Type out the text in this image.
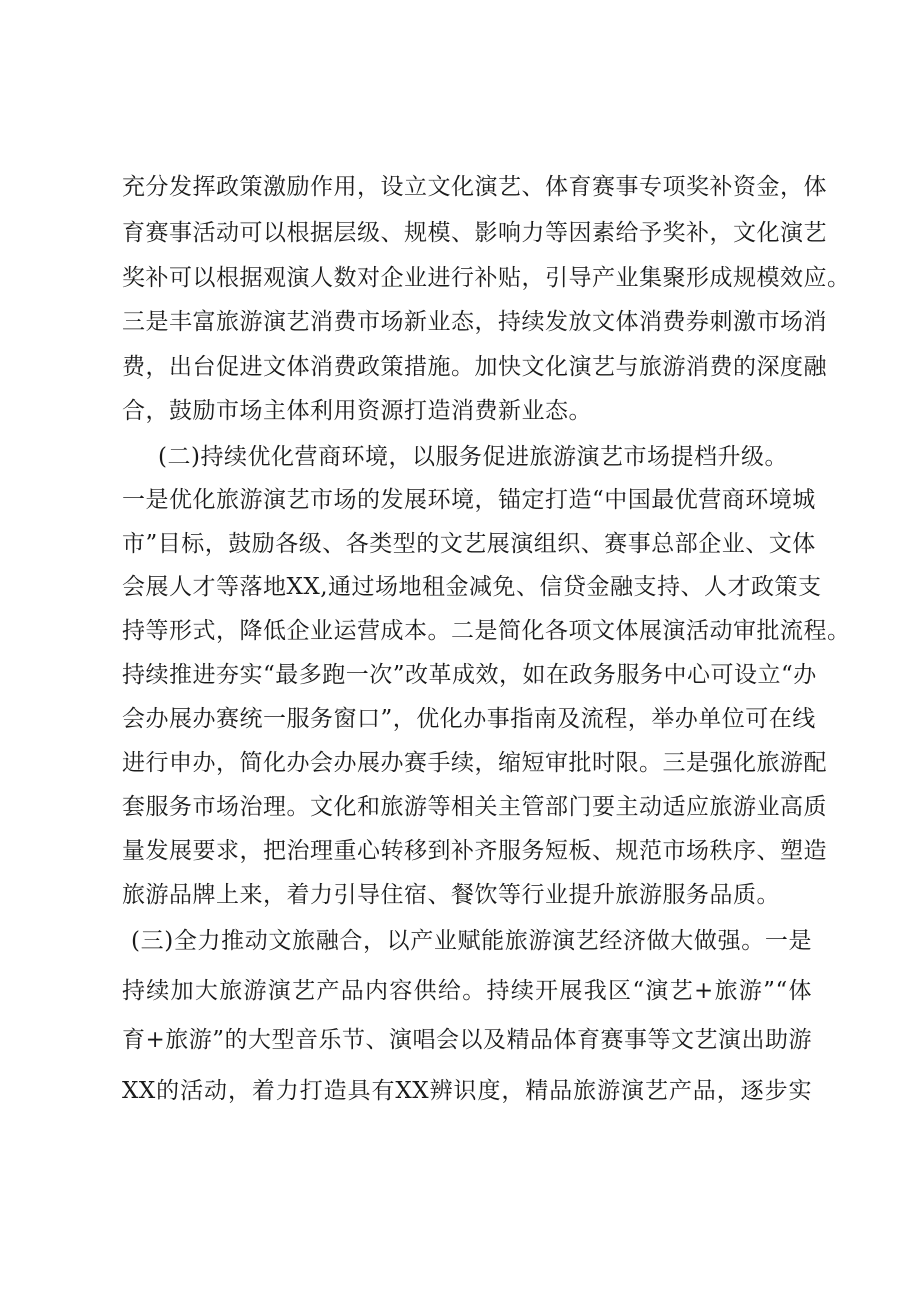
充分发挥政策激励作用，设立文化演艺、体育赛事专项奖补资金，体
育赛事活动可以根据层级、规模、影响力等因素给予奖补，文化演艺
奖补可以根据观演人数对企业进行补贴，引导产业集聚形成规模效应。
三是丰富旅游演艺消费市场新业态，持续发放文体消费券刺激市场消
费，出台促进文体消费政策措施。加快文化演艺与旅游消费的深度融
合，鼓励市场主体利用资源打造消费新业态。
(二)持续优化营商环境，以服务促进旅游演艺市场提档升级。
一是优化旅游演艺市场的发展环境，锚定打造“中国最优营商环境城
市”目标，鼓励各级、各类型的文艺展演组织、赛事总部企业、文体
会展人才等落地XX,通过场地租金减免、信贷金融支持、人才政策支
持等形式，降低企业运营成本。二是简化各项文体展演活动审批流程。
持续推进夯实“最多跑一次”改革成效，如在政务服务中心可设立“办
会办展办赛统一服务窗口”，优化办事指南及流程，举办单位可在线
进行申办，简化办会办展办赛手续，缩短审批时限。三是强化旅游配
套服务市场治理。文化和旅游等相关主管部门要主动适应旅游业高质
量发展要求，把治理重心转移到补齐服务短板、规范市场秩序、塑造
旅游品牌上来，着力引导住宿、餐饮等行业提升旅游服务品质。
(三)全力推动文旅融合，以产业赋能旅游演艺经济做大做强。一是
持续加大旅游演艺产品内容供给。持续开展我区“演艺+旅游”“体
育+旅游”的大型音乐节、演唱会以及精品体育赛事等文艺演出助游
XX的活动，着力打造具有XX辨识度，精品旅游演艺产品，逐步实
